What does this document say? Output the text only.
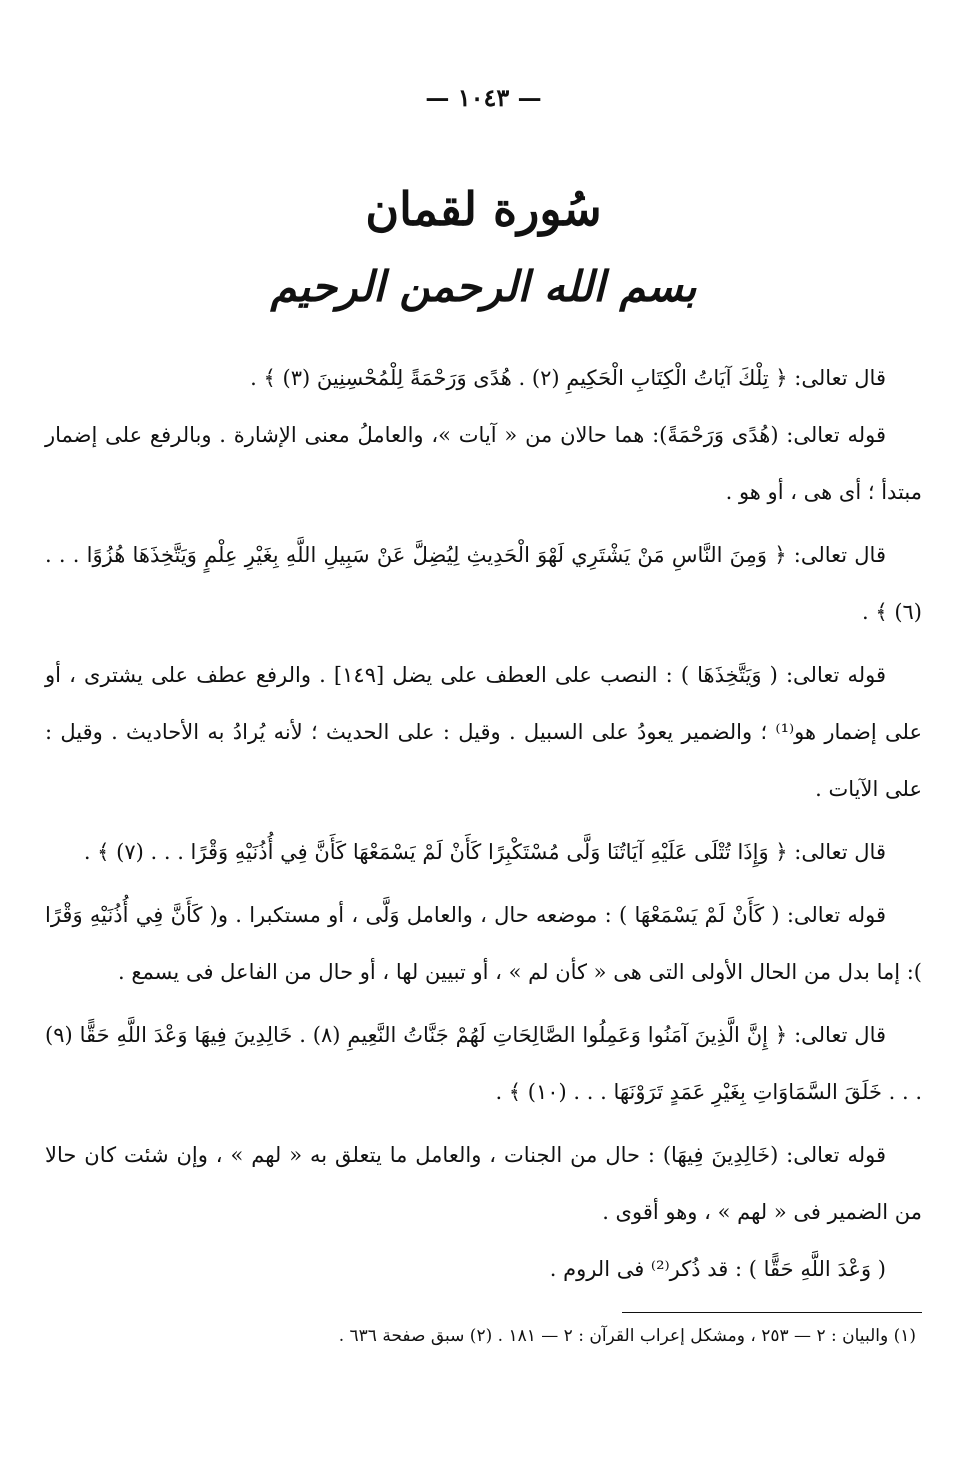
— ١٠٤٣ —
سُورة لقمان
بسم الله الرحمن الرحيم

قال تعالى: ﴿ تِلْكَ آيَاتُ الْكِتَابِ الْحَكِيمِ (٢) . هُدًى وَرَحْمَةً لِلْمُحْسِنِينَ (٣) ﴾ .

قوله تعالى: (هُدًى وَرَحْمَةً): هما حالان من « آيات »، والعاملُ معنى الإشارة . وبالرفع على إضمار مبتدأ ؛ أى هى ، أو هو .

قال تعالى: ﴿ وَمِنَ النَّاسِ مَنْ يَشْتَرِي لَهْوَ الْحَدِيثِ لِيُضِلَّ عَنْ سَبِيلِ اللَّهِ بِغَيْرِ عِلْمٍ وَيَتَّخِذَهَا هُزُوًا . . . (٦) ﴾ .

قوله تعالى: ( وَيَتَّخِذَهَا ) : النصب على العطف على يضل [١٤٩] . والرفع عطف على يشترى ، أو على إضمار هو⁽¹⁾ ؛ والضمير يعودُ على السبيل . وقيل : على الحديث ؛ لأنه يُرادُ به الأحاديث . وقيل : على الآيات .

قال تعالى: ﴿ وَإِذَا تُتْلَى عَلَيْهِ آيَاتُنَا وَلَّى مُسْتَكْبِرًا كَأَنْ لَمْ يَسْمَعْهَا كَأَنَّ فِي أُذُنَيْهِ وَقْرًا . . . (٧) ﴾ .

قوله تعالى: ( كَأَنْ لَمْ يَسْمَعْهَا ) : موضعه حال ، والعامل وَلَّى ، أو مستكبرا . و( كَأَنَّ فِي أُذُنَيْهِ وَقْرًا ): إما بدل من الحال الأولى التى هى « كأن لم » ، أو تبيين لها ، أو حال من الفاعل فى يسمع .

قال تعالى: ﴿ إِنَّ الَّذِينَ آمَنُوا وَعَمِلُوا الصَّالِحَاتِ لَهُمْ جَنَّاتُ النَّعِيمِ (٨) . خَالِدِينَ فِيهَا وَعْدَ اللَّهِ حَقًّا (٩) . . . خَلَقَ السَّمَاوَاتِ بِغَيْرِ عَمَدٍ تَرَوْنَهَا . . . (١٠) ﴾ .

قوله تعالى: (خَالِدِينَ فِيهَا) : حال من الجنات ، والعامل ما يتعلق به « لهم » ، وإن شئت كان حالا من الضمير فى « لهم » ، وهو أقوى .

( وَعْدَ اللَّهِ حَقًّا ) : قد ذُكر⁽²⁾ فى الروم .

(١) والبيان : ٢ — ٢٥٣ ، ومشكل إعراب القرآن : ٢ — ١٨١ . (٢) سبق صفحة ٦٣٦ .
